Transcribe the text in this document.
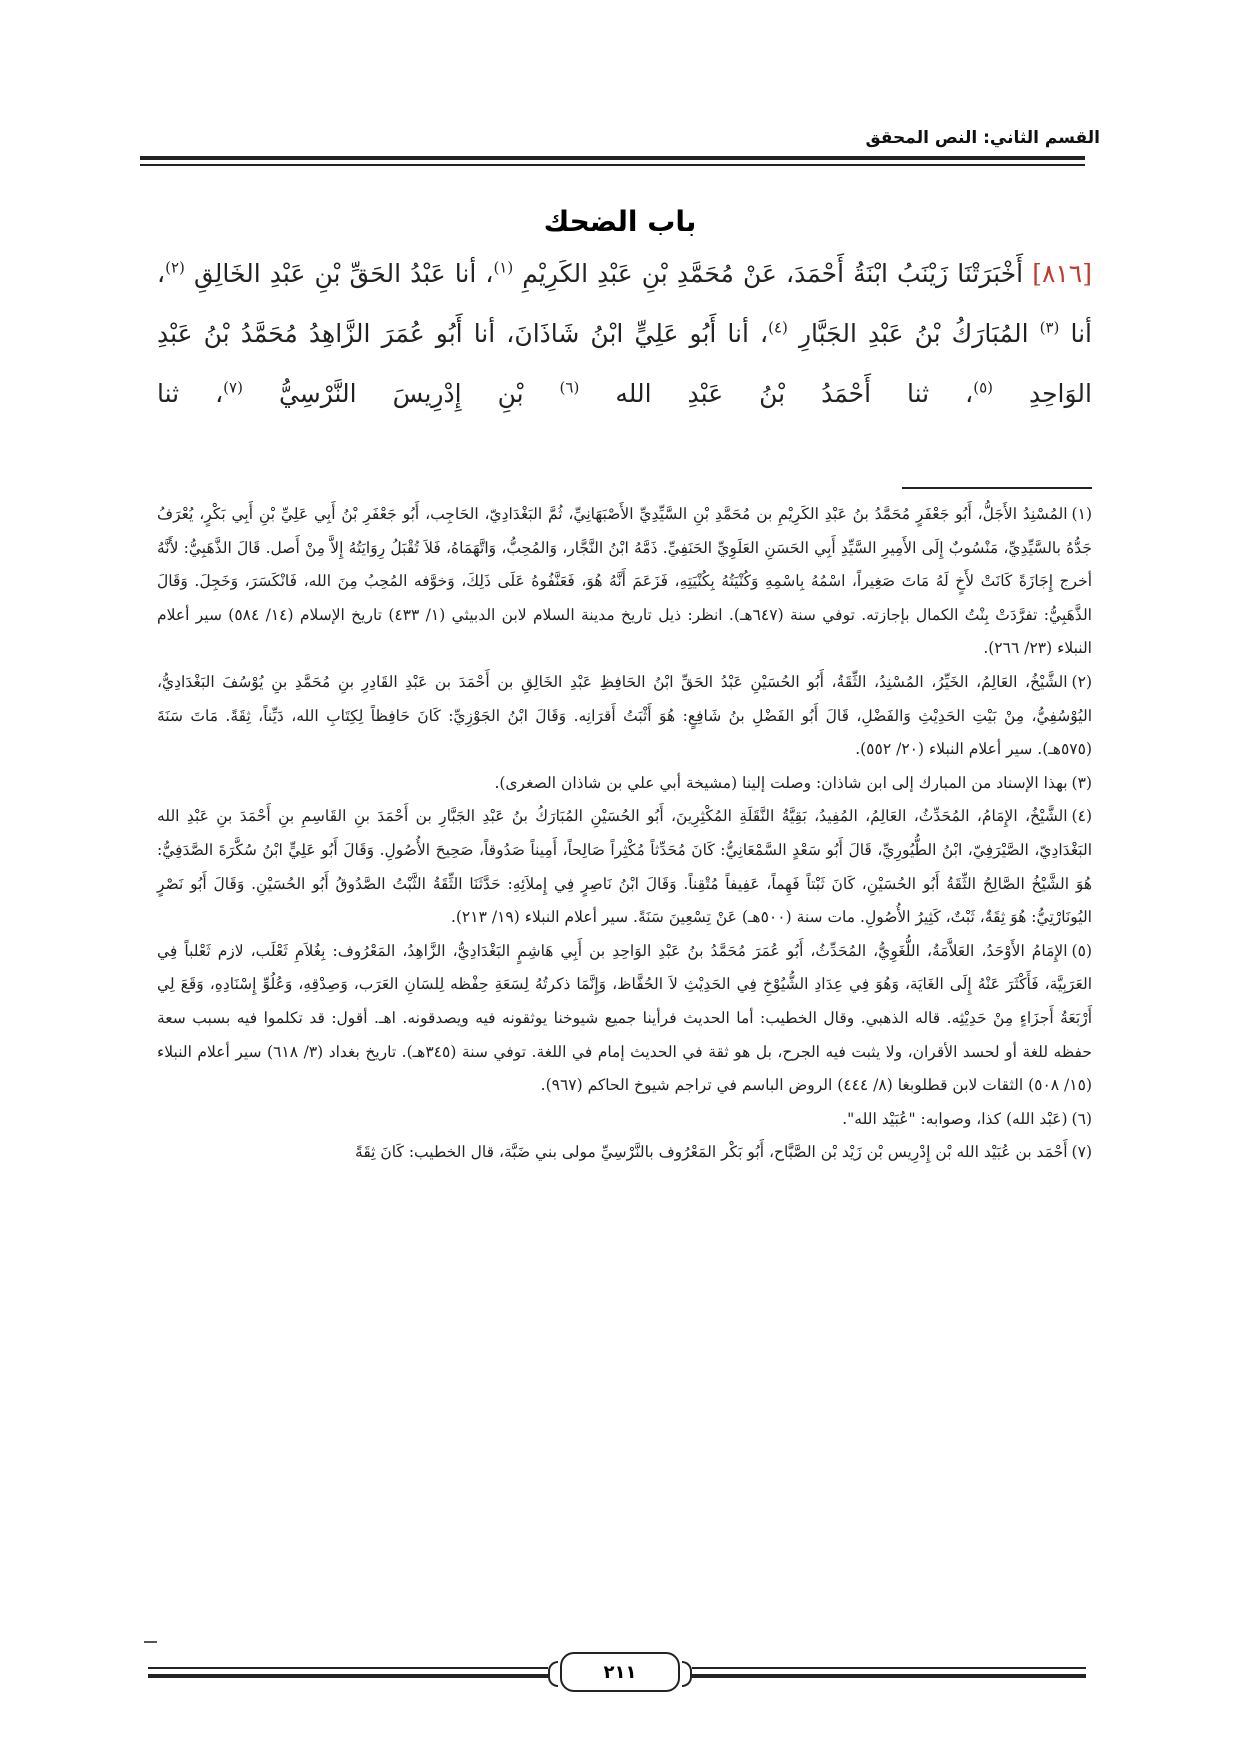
القسم الثاني: النص المحقق
باب الضحك
[٨١٦] أَخْبَرَتْنَا زَيْنَبُ ابْنَةُ أَحْمَدَ، عَنْ مُحَمَّدِ بْنِ عَبْدِ الكَرِيْمِ $^{(١)}$، أنا عَبْدُ الحَقِّ بْنِ عَبْدِ الخَالِقِ $^{(٢)}$، أنا $^{(٣)}$ المُبَارَكُ بْنُ عَبْدِ الجَبَّارِ $^{(٤)}$، أنا أَبُو عَلِيٍّ ابْنُ شَاذَانَ، أنا أَبُو عُمَرَ الزَّاهِدُ مُحَمَّدُ بْنُ عَبْدِ الوَاحِدِ $^{(٥)}$، ثنا أَحْمَدُ بْنُ عَبْدِ الله $^{(٦)}$ بْنِ إِدْرِيسَ النَّرْسِيُّ $^{(٧)}$، ثنا

(١)المُسْنِدُ الأَجَلُّ، أَبُو جَعْفَرٍ مُحَمَّدُ بنُ عَبْدِ الكَرِيْمِ بن مُحَمَّدِ بْنِ السَّيِّدِيِّ الأَصْبَهَانِيِّ، ثُمَّ البَغْدَادِيّ، الحَاجِب، أَبُو جَعْفَرِ بْنُ أَبِي عَلِيِّ بْنِ أَبِي بَكْرٍ، يُعْرَفُ جَدُّهُ بالسَّيِّدِيِّ، مَنْسُوبٌ إِلَى الأَمِيرِ السَّيِّدِ أَبِي الحَسَنِ العَلَوِيِّ الحَنَفِيِّ. ذَمَّهُ ابْنُ النَّجَّار، وَالمُحِبُّ، وَاتَّهَمَاهُ، فَلاَ تُقْبَلُ رِوَايَتُهُ إِلاَّ مِنْ أَصل. قَالَ الذَّهَبِيُّ: لأَنَّهُ أخرج إِجَازَةً كَانَتْ لأَخٍ لَهُ مَاتَ صَغِيراً، اسْمُهُ بِاسْمِهِ وَكُنْيَتُهُ بِكُنْيَتِهِ، فَزَعَمَ أَنَّهُ هُوَ، فَعَنَّفُوهُ عَلَى ذَلِكَ، وَخوَّفه المُحِبُ مِنَ الله، فَانْكَسَرَ، وَخَجِلَ. وَقَالَ الذَّهَبِيُّ: تفرَّدَتْ بِنْتُ الكمال بإجازته. توفي سنة (٦٤٧هـ). انظر: ذيل تاريخ مدينة السلام لابن الدبيثي (١/ ٤٣٣) تاريخ الإسلام (١٤/ ٥٨٤) سير أعلام النبلاء (٢٣/ ٢٦٦).

(٢)الشَّيْخُ، العَالِمُ، الخَيِّرُ، المُسْنِدُ، الثِّقَةُ، أَبُو الحُسَيْنِ عَبْدُ الحَقِّ ابْنُ الحَافِظِ عَبْدِ الخَالِقِ بن أَحْمَدَ بن عَبْدِ القَادِرِ بنِ مُحَمَّدِ بنِ يُوْسُفَ البَغْدَادِيُّ، اليُوْسُفِيُّ، مِنْ بَيْتِ الحَدِيْثِ وَالفَضْلِ، قَالَ أَبُو الفَضْلِ بنُ شَافِعٍ: هُوَ أَثْبَتُ أَقرَانِه. وَقَالَ ابْنُ الجَوْزِيِّ: كَانَ حَافِظاً لِكِتَابِ الله، دَيِّناً، ثِقَةً. مَاتَ سَنَةَ (٥٧٥هـ). سير أعلام النبلاء (٢٠/ ٥٥٢).

(٣)بهذا الإسناد من المبارك إلى ابن شاذان: وصلت إلينا (مشيخة أبي علي بن شاذان الصغرى).

(٤)الشَّيْخُ، الإِمَامُ، المُحَدِّثُ، العَالِمُ، المُفِيدُ، بَقِيَّةُ النَّقَلَةِ المُكْثِرِينَ، أَبُو الحُسَيْنِ المُبَارَكُ بنُ عَبْدِ الجَبَّارِ بن أَحْمَدَ بنِ القَاسِمِ بنِ أَحْمَدَ بنِ عَبْدِ الله البَغْدَادِيّ، الصَّيْرَفِيّ، ابْنُ الطُّيُورِيِّ، قَالَ أَبُو سَعْدٍ السَّمْعَانِيُّ: كَانَ مُحَدِّثاً مُكْثِراً صَالِحاً، أَمِيناً صَدُوقاً، صَحِيحَ الأُصُولِ. وَقَالَ أَبُو عَلِيٍّ ابْنُ سُكَّرَةَ الصَّدَفِيُّ: هُوَ الشَّيْخُ الصَّالِحُ الثِّقَةُ أَبُو الحُسَيْنِ، كَانَ ثَبْتاً فَهِماً، عَفِيفاً مُتْقِناً. وَقَالَ ابْنُ نَاصِرٍ فِي إِملاَئِهِ: حَدَّثَنَا الثِّقَةُ الثَّبْتُ الصَّدُوقُ أَبُو الحُسَيْنِ. وَقَالَ أَبُو نَصْرٍ اليُونَارْتِيُّ: هُوَ ثِقَةٌ، ثَبْتٌ، كَثِيرُ الأُصُولِ. مات سنة (٥٠٠هـ) عَنْ تِسْعِينَ سَنَةً. سير أعلام النبلاء (١٩/ ٢١٣).

(٥)الإِمَامُ الأَوْحَدُ، العَلاَّمَةُ، اللُّغَوِيُّ، المُحَدِّثُ، أَبُو عُمَرَ مُحَمَّدُ بنُ عَبْدِ الوَاحِدِ بن أَبِي هَاشِمٍ البَغْدَادِيُّ، الزَّاهِدُ، المَعْرُوف: بِغُلاَمِ ثَعْلَب، لازم ثَعْلباً فِي العَرَبِيَّة، فَأَكْثَرَ عَنْهُ إِلَى الغَايَة، وَهُوَ فِي عِدَادِ الشُّيُوْخِ فِي الحَدِيْثِ لاَ الحُفَّاظ، وَإِنَّمَا ذكرتُهُ لِسَعَةِ حِفْظه لِلسَانِ العَرَب، وَصِدْقِهِ، وَعُلُوِّ إِسْنَادِهِ، وَقَعَ لِي أَرْبَعَةُ أَجزَاءٍ مِنْ حَدِيْثِه. قاله الذهبي. وقال الخطيب: أما الحديث فرأينا جميع شيوخنا يوثقونه فيه ويصدقونه. اهـ. أقول: قد تكلموا فيه بسبب سعة حفظه للغة أو لحسد الأقران، ولا يثبت فيه الجرح، بل هو ثقة في الحديث إمام في اللغة. توفي سنة (٣٤٥هـ). تاريخ بغداد (٣/ ٦١٨) سير أعلام النبلاء (١٥/ ٥٠٨) الثقات لابن قطلوبغا (٨/ ٤٤٤) الروض الباسم في تراجم شيوخ الحاكم (٩٦٧).

(٦)(عَبْد الله) كذا، وصوابه: "عُبَيْد الله".

(٧)أَحْمَد بن عُبَيْد الله بْن إِدْرِيس بْن زَيْد بْن الصَّبَّاح، أَبُو بَكْر المَعْرُوف بالنَّرْسِيِّ مولى بني ضَبَّة، قال الخطيب: كَانَ ثِقَةً

٢١١
